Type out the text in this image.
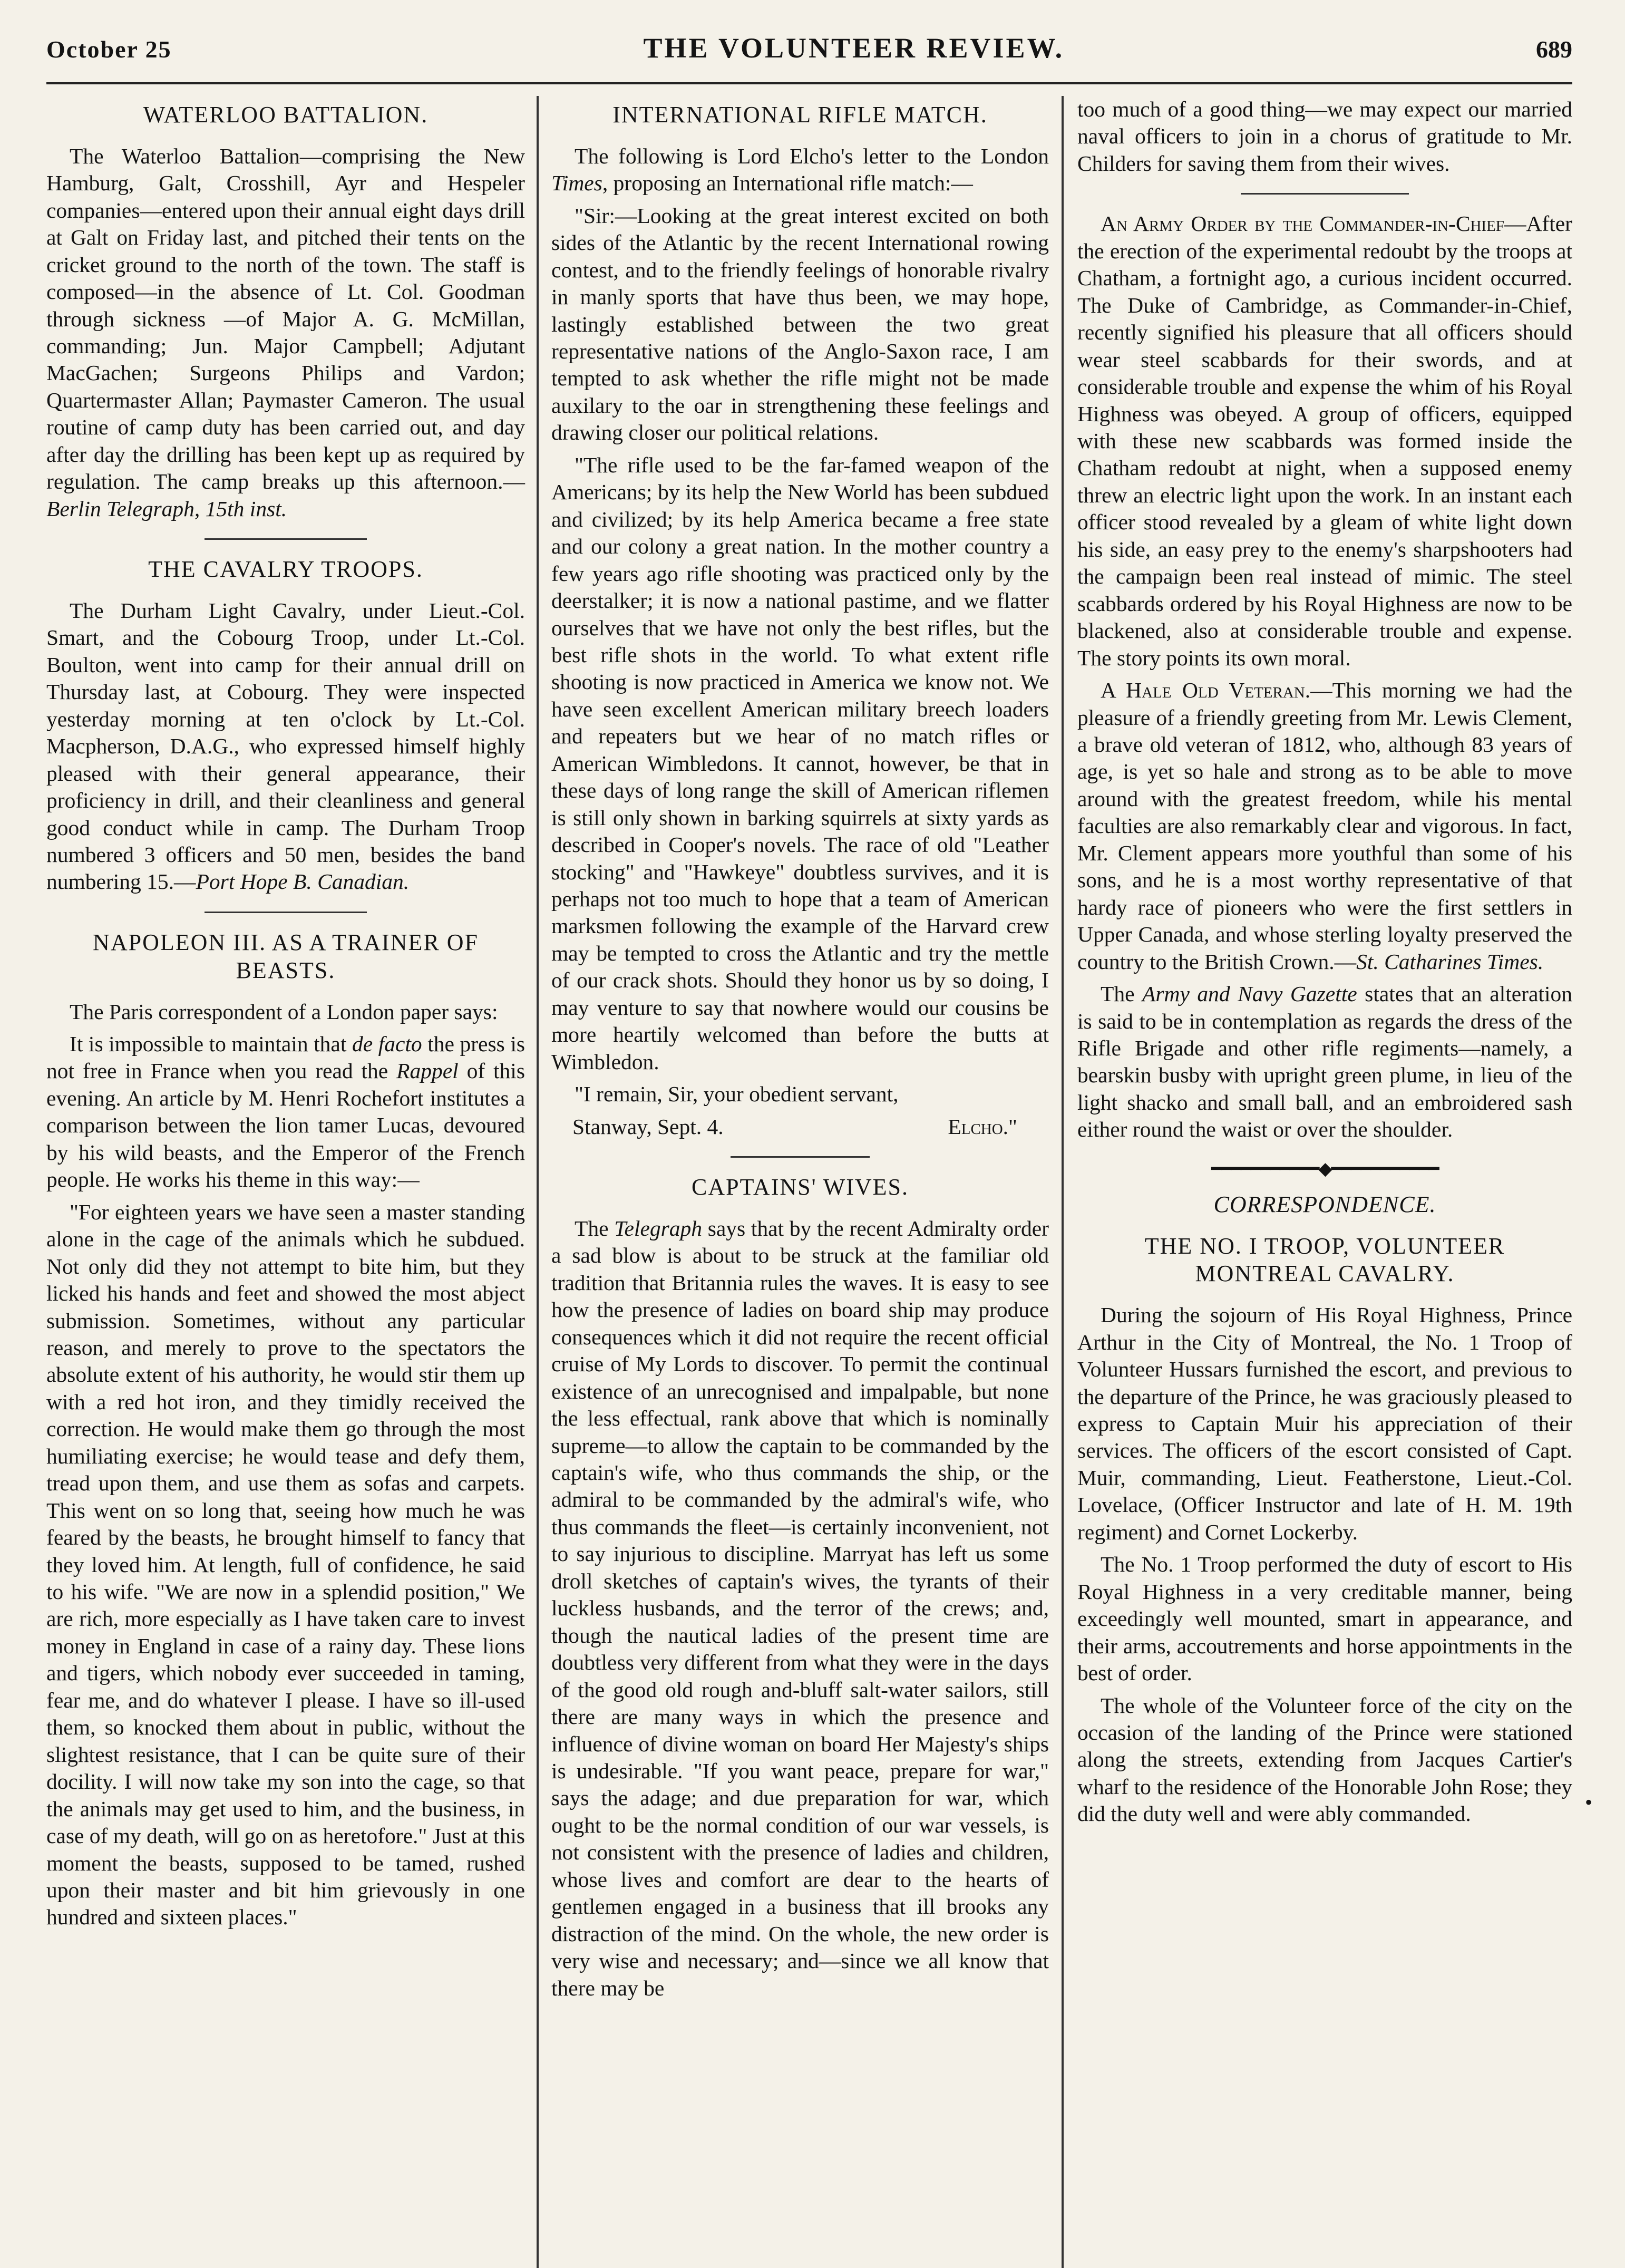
October 25	THE VOLUNTEER REVIEW.	689
WATERLOO BATTALION.

The Waterloo Battalion—comprising the New Hamburg, Galt, Crosshill, Ayr and Hespeler companies—entered upon their annual eight days drill at Galt on Friday last, and pitched their tents on the cricket ground to the north of the town. The staff is composed—in the absence of Lt. Col. Goodman through sickness —of Major A. G. McMillan, commanding; Jun. Major Campbell; Adjutant MacGachen; Surgeons Philips and Vardon; Quartermaster Allan; Paymaster Cameron. The usual routine of camp duty has been carried out, and day after day the drilling has been kept up as required by regulation. The camp breaks up this afternoon.—Berlin Telegraph, 15th inst.

THE CAVALRY TROOPS.

The Durham Light Cavalry, under Lieut.-Col. Smart, and the Cobourg Troop, under Lt.-Col. Boulton, went into camp for their annual drill on Thursday last, at Cobourg. They were inspected yesterday morning at ten o'clock by Lt.-Col. Macpherson, D.A.G., who expressed himself highly pleased with their general appearance, their proficiency in drill, and their cleanliness and general good conduct while in camp. The Durham Troop numbered 3 officers and 50 men, besides the band numbering 15.—Port Hope B. Canadian.

NAPOLEON III. AS A TRAINER OF BEASTS.

The Paris correspondent of a London paper says:

It is impossible to maintain that de facto the press is not free in France when you read the Rappel of this evening. An article by M. Henri Rochefort institutes a comparison between the lion tamer Lucas, devoured by his wild beasts, and the Emperor of the French people. He works his theme in this way:—

"For eighteen years we have seen a master standing alone in the cage of the animals which he subdued. Not only did they not attempt to bite him, but they licked his hands and feet and showed the most abject submission. Sometimes, without any particular reason, and merely to prove to the spectators the absolute extent of his authority, he would stir them up with a red hot iron, and they timidly received the correction. He would make them go through the most humiliating exercise; he would tease and defy them, tread upon them, and use them as sofas and carpets. This went on so long that, seeing how much he was feared by the beasts, he brought himself to fancy that they loved him. At length, full of confidence, he said to his wife. "We are now in a splendid position," We are rich, more especially as I have taken care to invest money in England in case of a rainy day. These lions and tigers, which nobody ever succeeded in taming, fear me, and do whatever I please. I have so ill-used them, so knocked them about in public, without the slightest resistance, that I can be quite sure of their docility. I will now take my son into the cage, so that the animals may get used to him, and the business, in case of my death, will go on as heretofore." Just at this moment the beasts, supposed to be tamed, rushed upon their master and bit him grievously in one hundred and sixteen places."

INTERNATIONAL RIFLE MATCH.

The following is Lord Elcho's letter to the London Times, proposing an International rifle match:—

"Sir:—Looking at the great interest excited on both sides of the Atlantic by the recent International rowing contest, and to the friendly feelings of honorable rivalry in manly sports that have thus been, we may hope, lastingly established between the two great representative nations of the Anglo-Saxon race, I am tempted to ask whether the rifle might not be made auxilary to the oar in strengthening these feelings and drawing closer our political relations.

"The rifle used to be the far-famed weapon of the Americans; by its help the New World has been subdued and civilized; by its help America became a free state and our colony a great nation. In the mother country a few years ago rifle shooting was practiced only by the deerstalker; it is now a national pastime, and we flatter ourselves that we have not only the best rifles, but the best rifle shots in the world. To what extent rifle shooting is now practiced in America we know not. We have seen excellent American military breech loaders and repeaters but we hear of no match rifles or American Wimbledons. It cannot, however, be that in these days of long range the skill of American riflemen is still only shown in barking squirrels at sixty yards as described in Cooper's novels. The race of old "Leather stocking" and "Hawkeye" doubtless survives, and it is perhaps not too much to hope that a team of American marksmen following the example of the Harvard crew may be tempted to cross the Atlantic and try the mettle of our crack shots. Should they honor us by so doing, I may venture to say that nowhere would our cousins be more heartily welcomed than before the butts at Wimbledon.

"I remain, Sir, your obedient servant,

Stanway, Sept. 4.	Elcho."

CAPTAINS' WIVES.

The Telegraph says that by the recent Admiralty order a sad blow is about to be struck at the familiar old tradition that Britannia rules the waves. It is easy to see how the presence of ladies on board ship may produce consequences which it did not require the recent official cruise of My Lords to discover. To permit the continual existence of an unrecognised and impalpable, but none the less effectual, rank above that which is nominally supreme—to allow the captain to be commanded by the captain's wife, who thus commands the ship, or the admiral to be commanded by the admiral's wife, who thus commands the fleet—is certainly inconvenient, not to say injurious to discipline. Marryat has left us some droll sketches of captain's wives, the tyrants of their luckless husbands, and the terror of the crews; and, though the nautical ladies of the present time are doubtless very different from what they were in the days of the good old rough and-bluff salt-water sailors, still there are many ways in which the presence and influence of divine woman on board Her Majesty's ships is undesirable. "If you want peace, prepare for war," says the adage; and due preparation for war, which ought to be the normal condition of our war vessels, is not consistent with the presence of ladies and children, whose lives and comfort are dear to the hearts of gentlemen engaged in a business that ill brooks any distraction of the mind. On the whole, the new order is very wise and necessary; and—since we all know that there may be

too much of a good thing—we may expect our married naval officers to join in a chorus of gratitude to Mr. Childers for saving them from their wives.

An Army Order by the Commander-in-Chief—After the erection of the experimental redoubt by the troops at Chatham, a fortnight ago, a curious incident occurred. The Duke of Cambridge, as Commander-in-Chief, recently signified his pleasure that all officers should wear steel scabbards for their swords, and at considerable trouble and expense the whim of his Royal Highness was obeyed. A group of officers, equipped with these new scabbards was formed inside the Chatham redoubt at night, when a supposed enemy threw an electric light upon the work. In an instant each officer stood revealed by a gleam of white light down his side, an easy prey to the enemy's sharpshooters had the campaign been real instead of mimic. The steel scabbards ordered by his Royal Highness are now to be blackened, also at considerable trouble and expense. The story points its own moral.

A Hale Old Veteran.—This morning we had the pleasure of a friendly greeting from Mr. Lewis Clement, a brave old veteran of 1812, who, although 83 years of age, is yet so hale and strong as to be able to move around with the greatest freedom, while his mental faculties are also remarkably clear and vigorous. In fact, Mr. Clement appears more youthful than some of his sons, and he is a most worthy representative of that hardy race of pioneers who were the first settlers in Upper Canada, and whose sterling loyalty preserved the country to the British Crown.—St. Catharines Times.

The Army and Navy Gazette states that an alteration is said to be in contemplation as regards the dress of the Rifle Brigade and other rifle regiments—namely, a bearskin busby with upright green plume, in lieu of the light shacko and small ball, and an embroidered sash either round the waist or over the shoulder.

━━━━━━━━━━━◆━━━━━━━━━━━
CORRESPONDENCE.
THE NO. I TROOP, VOLUNTEER MONTREAL CAVALRY.

During the sojourn of His Royal Highness, Prince Arthur in the City of Montreal, the No. 1 Troop of Volunteer Hussars furnished the escort, and previous to the departure of the Prince, he was graciously pleased to express to Captain Muir his appreciation of their services. The officers of the escort consisted of Capt. Muir, commanding, Lieut. Featherstone, Lieut.-Col. Lovelace, (Officer Instructor and late of H. M. 19th regiment) and Cornet Lockerby.

The No. 1 Troop performed the duty of escort to His Royal Highness in a very creditable manner, being exceedingly well mounted, smart in appearance, and their arms, accoutrements and horse appointments in the best of order.

The whole of the Volunteer force of the city on the occasion of the landing of the Prince were stationed along the streets, extending from Jacques Cartier's wharf to the residence of the Honorable John Rose; they did the duty well and were ably commanded.	•
